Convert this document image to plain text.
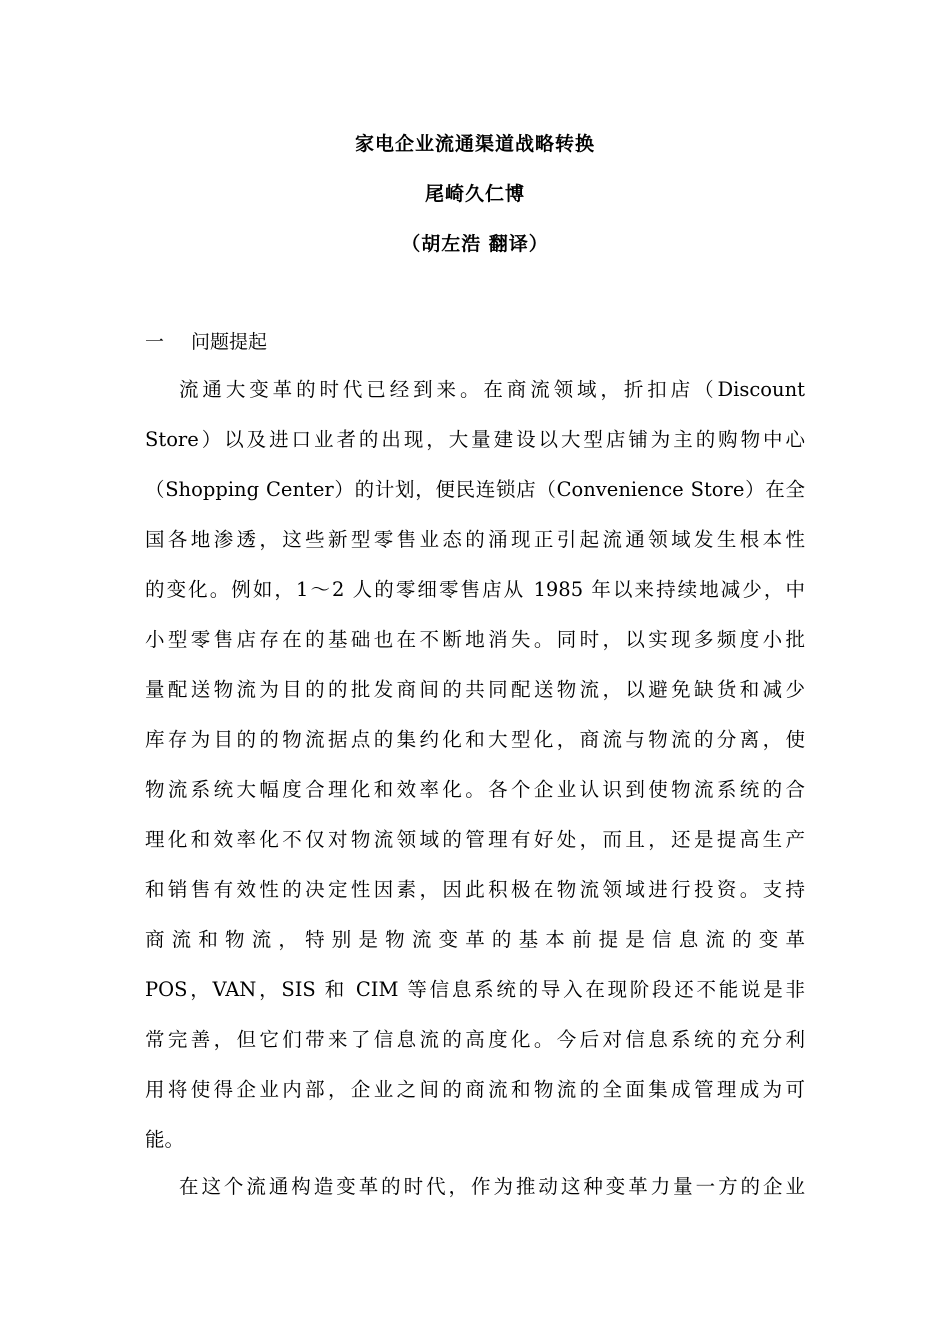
家电企业流通渠道战略转换
尾崎久仁博
（胡左浩 翻译）
一 问题提起
流通大变革的时代已经到来。在商流领域，折扣店（Discount
Store）以及进口业者的出现，大量建设以大型店铺为主的购物中心
（Shopping Center）的计划，便民连锁店（Convenience Store）在全
国各地渗透，这些新型零售业态的涌现正引起流通领域发生根本性
的变化。例如，1～2 人的零细零售店从 1985 年以来持续地减少，中
小型零售店存在的基础也在不断地消失。同时，以实现多频度小批
量配送物流为目的的批发商间的共同配送物流，以避免缺货和减少
库存为目的的物流据点的集约化和大型化，商流与物流的分离，使
物流系统大幅度合理化和效率化。各个企业认识到使物流系统的合
理化和效率化不仅对物流领域的管理有好处，而且，还是提高生产
和销售有效性的决定性因素，因此积极在物流领域进行投资。支持
商流和物流，特别是物流变革的基本前提是信息流的变革
POS，VAN，SIS 和 CIM 等信息系统的导入在现阶段还不能说是非
常完善，但它们带来了信息流的高度化。今后对信息系统的充分利
用将使得企业内部，企业之间的商流和物流的全面集成管理成为可
能。
在这个流通构造变革的时代，作为推动这种变革力量一方的企业
